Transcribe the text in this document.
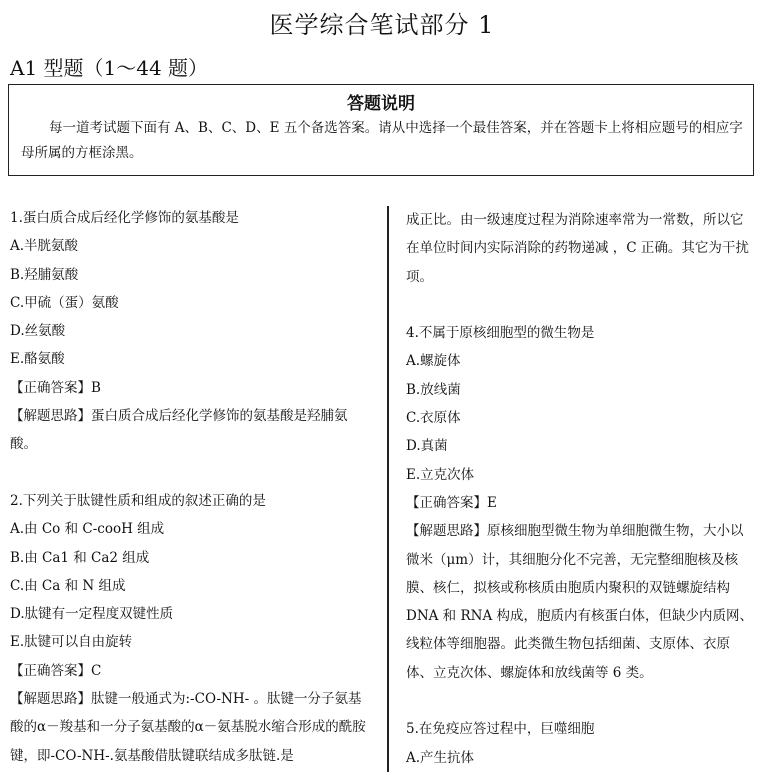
医学综合笔试部分 1
A1 型题（1～44 题）
答题说明
每一道考试题下面有 A、B、C、D、E 五个备选答案。请从中选择一个最佳答案，并在答题卡上将相应题号的相应字母所属的方框涂黑。
1.蛋白质合成后经化学修饰的氨基酸是
A.半胱氨酸
B.羟脯氨酸
C.甲硫（蛋）氨酸
D.丝氨酸
E.酪氨酸
【正确答案】B
【解题思路】蛋白质合成后经化学修饰的氨基酸是羟脯氨酸。
2.下列关于肽键性质和组成的叙述正确的是
A.由 Co 和 C-cooH 组成
B.由 Ca1 和 Ca2 组成
C.由 Ca 和 N 组成
D.肽键有一定程度双键性质
E.肽键可以自由旋转
【正确答案】C
【解题思路】肽键一般通式为:-CO-NH- 。肽键一分子氨基酸的α－羧基和一分子氨基酸的α－氨基脱水缩合形成的酰胺键，即-CO-NH-.氨基酸借肽键联结成多肽链.是
成正比。由一级速度过程为消除速率常为一常数，所以它在单位时间内实际消除的药物递减 ，C 正确。其它为干扰项。
4.不属于原核细胞型的微生物是
A.螺旋体
B.放线菌
C.衣原体
D.真菌
E.立克次体
【正确答案】E
【解题思路】原核细胞型微生物为单细胞微生物，大小以微米（μm）计，其细胞分化不完善，无完整细胞核及核膜、核仁，拟核或称核质由胞质内聚积的双链螺旋结构 DNA 和 RNA 构成，胞质内有核蛋白体，但缺少内质网、线粒体等细胞器。此类微生物包括细菌、支原体、衣原体、立克次体、螺旋体和放线菌等 6 类。
5.在免疫应答过程中，巨噬细胞
A.产生抗体
